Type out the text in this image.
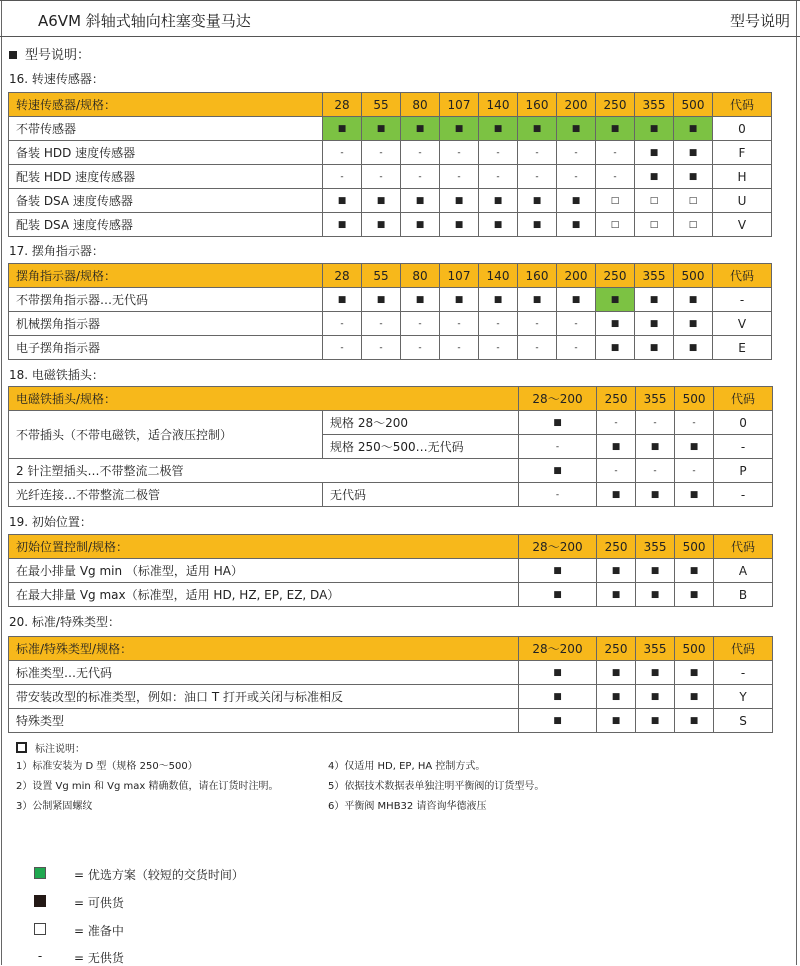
A6VM 斜轴式轴向柱塞变量马达	型号说明
型号说明：
16. 转速传感器：
转速传感器/规格：	28	55	80	107	140	160	200	250	355	500	代码
不带传感器	■	■	■	■	■	■	■	■	■	■	0
备装 HDD 速度传感器	-	-	-	-	-	-	-	-	■	■	F
配装 HDD 速度传感器	-	-	-	-	-	-	-	-	■	■	H
备装 DSA 速度传感器	■	■	■	■	■	■	■	□	□	□	U
配装 DSA 速度传感器	■	■	■	■	■	■	■	□	□	□	V
17. 摆角指示器：
摆角指示器/规格：	28	55	80	107	140	160	200	250	355	500	代码
不带摆角指示器…无代码	■	■	■	■	■	■	■	■	■	■	-
机械摆角指示器	-	-	-	-	-	-	-	■	■	■	V
电子摆角指示器	-	-	-	-	-	-	-	■	■	■	E
18. 电磁铁插头：
电磁铁插头/规格：		28～200	250	355	500	代码
不带插头（不带电磁铁，适合液压控制）	规格 28～200	■	-	-	-	0
	规格 250～500…无代码	-	■	■	■	-
2 针注塑插头…不带整流二极管		■	-	-	-	P
光纤连接…不带整流二极管	无代码	-	■	■	■	-
19. 初始位置：
初始位置控制/规格：	28～200	250	355	500	代码
在最小排量 Vg min （标准型，适用 HA）	■	■	■	■	A
在最大排量 Vg max（标准型，适用 HD, HZ, EP, EZ, DA）	■	■	■	■	B
20. 标准/特殊类型：
标准/特殊类型/规格：	28～200	250	355	500	代码
标准类型…无代码	■	■	■	■	-
带安装改型的标准类型，例如：油口 T 打开或关闭与标准相反	■	■	■	■	Y
特殊类型	■	■	■	■	S
标注说明：
1）标准安装为 D 型（规格 250～500）
2）设置 Vg min 和 Vg max 精确数值，请在订货时注明。
3）公制紧固螺纹
4）仅适用 HD, EP, HA 控制方式。
5）依据技术数据表单独注明平衡阀的订货型号。
6）平衡阀 MHB32 请咨询华德液压
= 优选方案（较短的交货时间）
= 可供货
= 准备中
-	= 无供货
